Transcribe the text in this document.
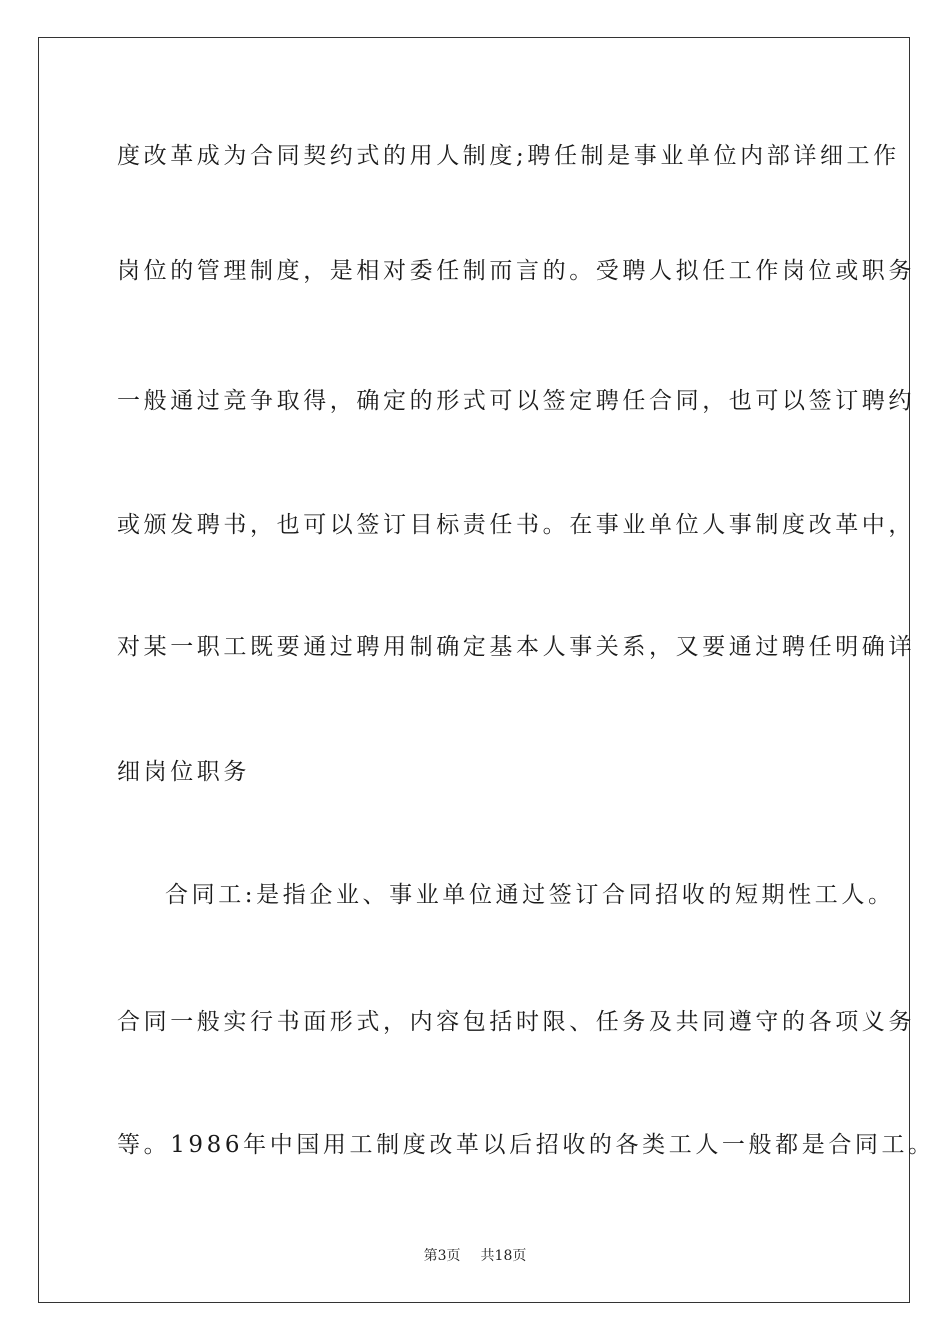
度改革成为合同契约式的用人制度;聘任制是事业单位内部详细工作
岗位的管理制度，是相对委任制而言的。受聘人拟任工作岗位或职务
一般通过竞争取得，确定的形式可以签定聘任合同，也可以签订聘约
或颁发聘书，也可以签订目标责任书。在事业单位人事制度改革中，
对某一职工既要通过聘用制确定基本人事关系，又要通过聘任明确详
细岗位职务
合同工:是指企业、事业单位通过签订合同招收的短期性工人。
合同一般实行书面形式，内容包括时限、任务及共同遵守的各项义务
等。1986年中国用工制度改革以后招收的各类工人一般都是合同工。
第3页 共18页
